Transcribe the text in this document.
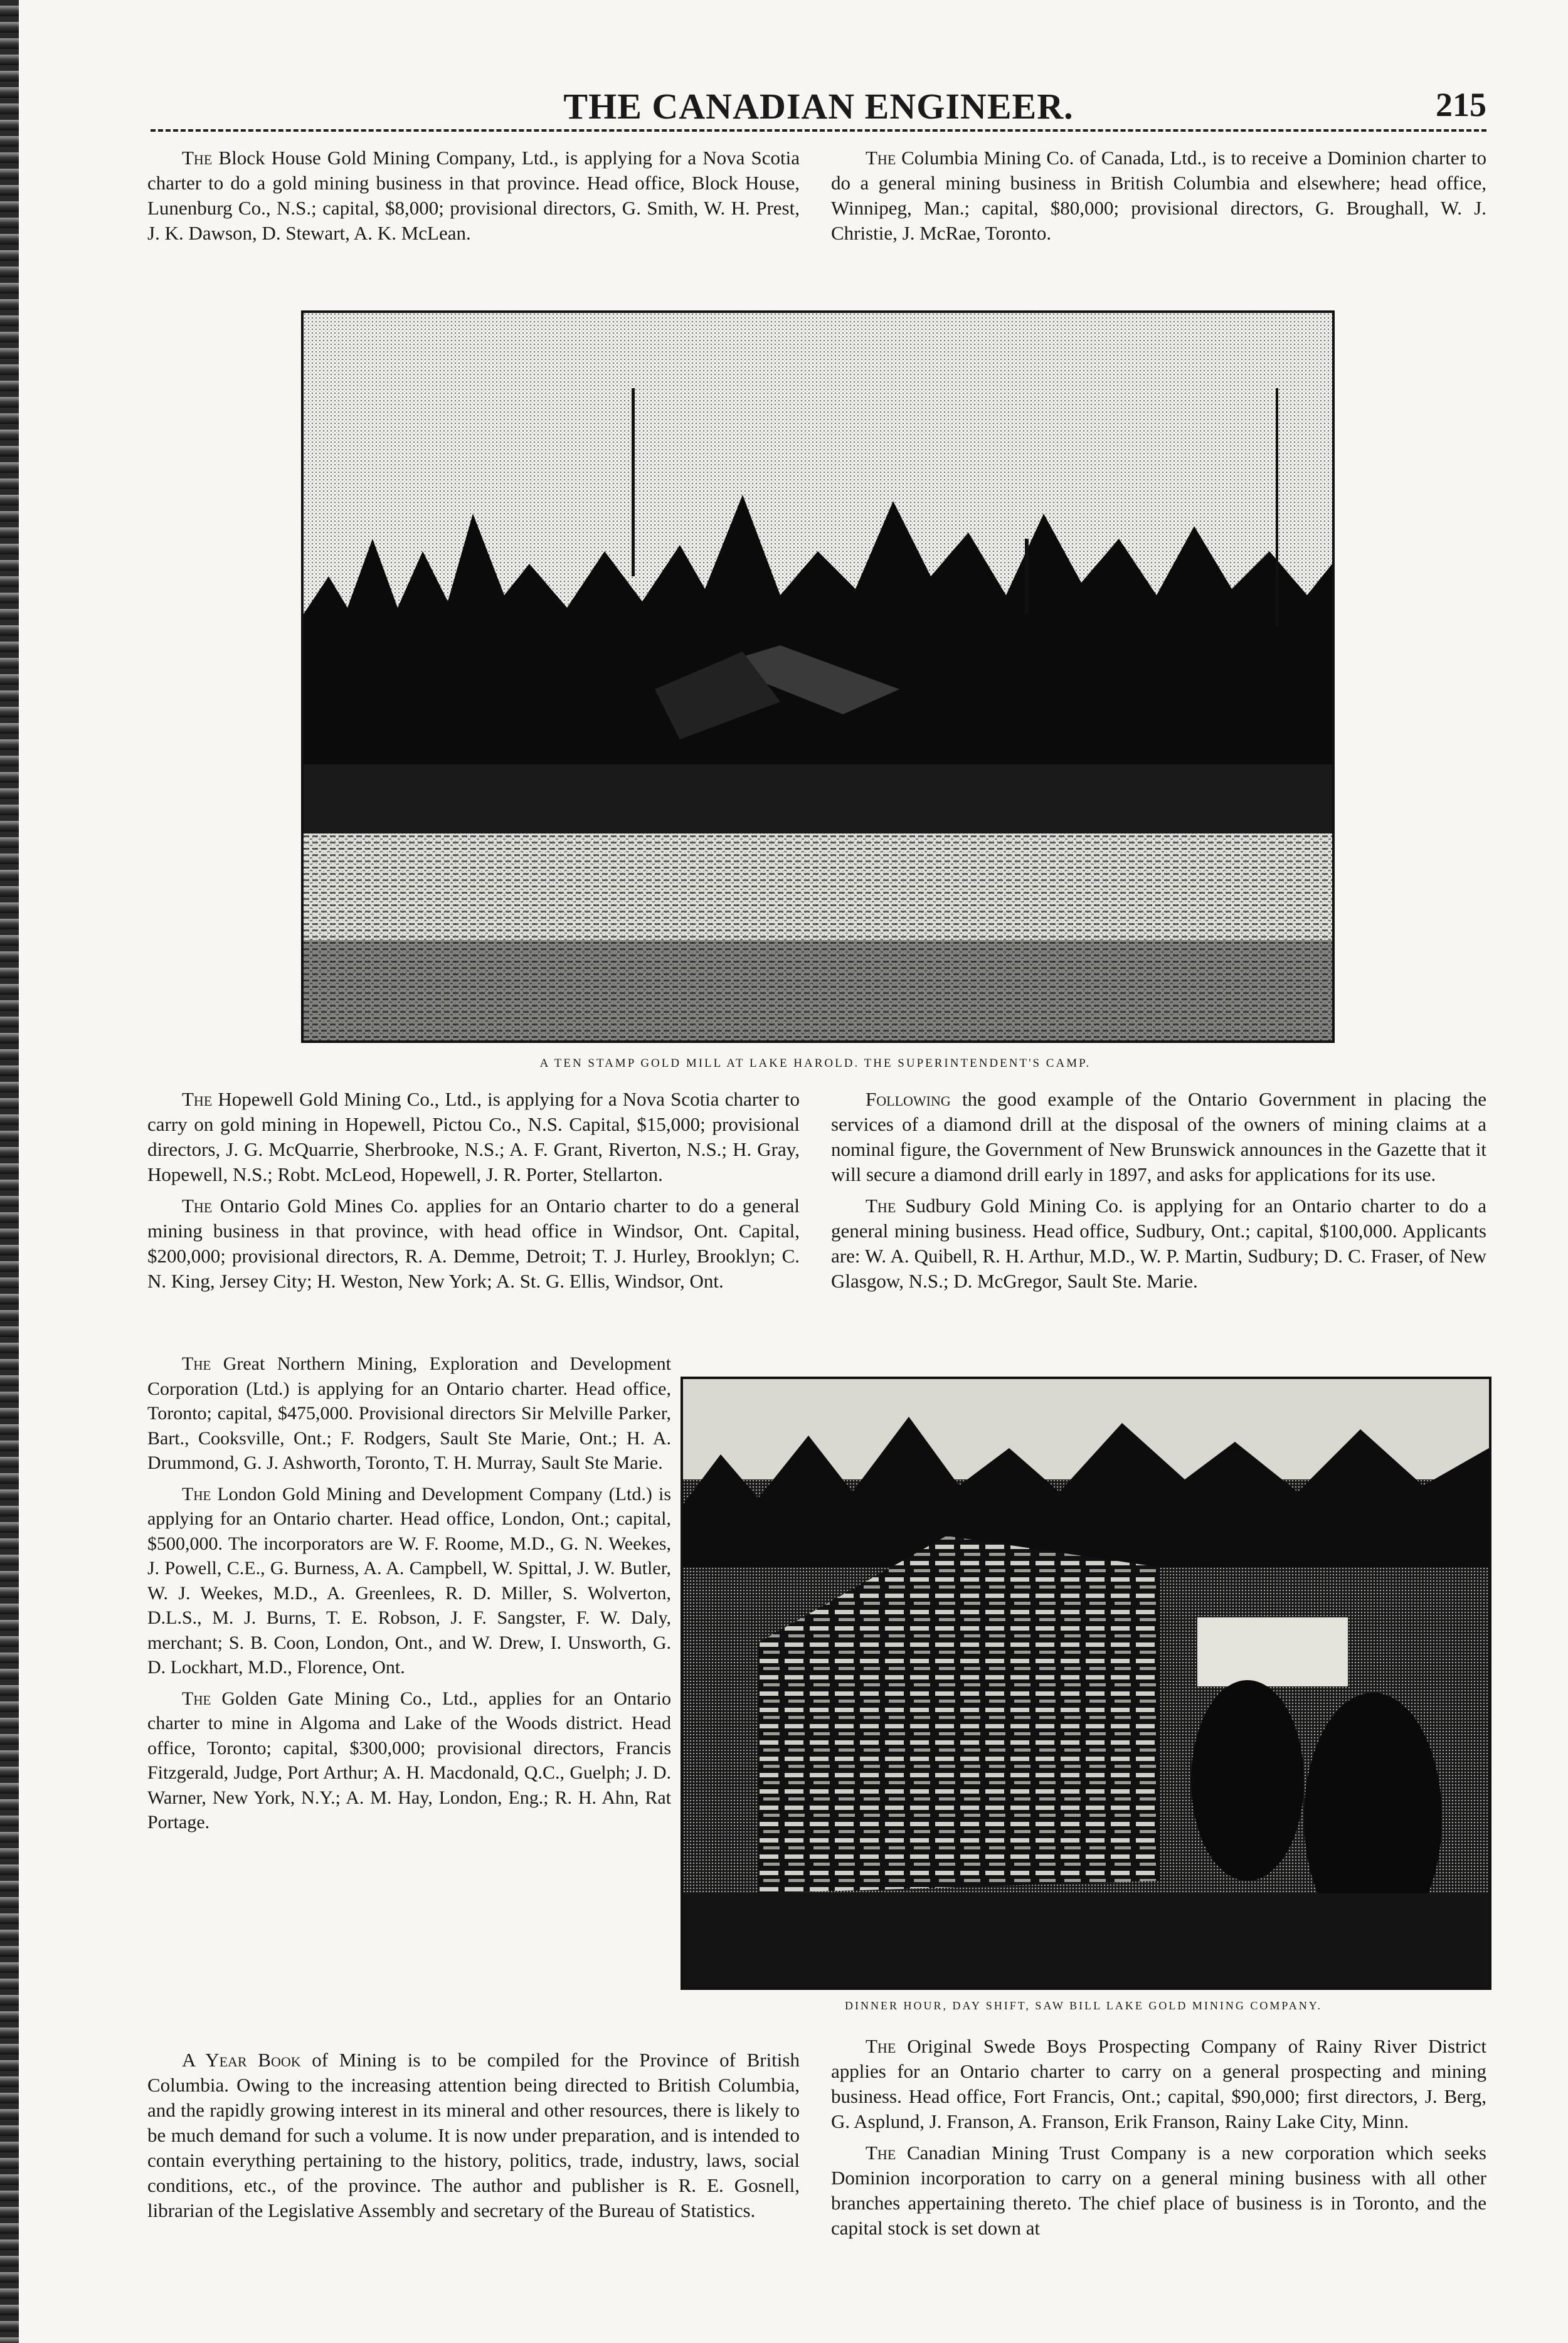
THE CANADIAN ENGINEER.	215

The Block House Gold Mining Company, Ltd., is applying for a Nova Scotia charter to do a gold mining business in that province. Head office, Block House, Lunenburg Co., N.S.; capital, $8,000; provisional directors, G. Smith, W. H. Prest, J. K. Dawson, D. Stewart, A. K. McLean.

The Columbia Mining Co. of Canada, Ltd., is to receive a Dominion charter to do a general mining business in British Columbia and elsewhere; head office, Winnipeg, Man.; capital, $80,000; provisional directors, G. Broughall, W. J. Christie, J. McRae, Toronto.

A TEN STAMP GOLD MILL AT LAKE HAROLD. THE SUPERINTENDENT'S CAMP.

The Hopewell Gold Mining Co., Ltd., is applying for a Nova Scotia charter to carry on gold mining in Hopewell, Pictou Co., N.S. Capital, $15,000; provisional directors, J. G. McQuarrie, Sherbrooke, N.S.; A. F. Grant, Riverton, N.S.; H. Gray, Hopewell, N.S.; Robt. McLeod, Hopewell, J. R. Porter, Stellarton.

The Ontario Gold Mines Co. applies for an Ontario charter to do a general mining business in that province, with head office in Windsor, Ont. Capital, $200,000; provisional directors, R. A. Demme, Detroit; T. J. Hurley, Brooklyn; C. N. King, Jersey City; H. Weston, New York; A. St. G. Ellis, Windsor, Ont.

Following the good example of the Ontario Government in placing the services of a diamond drill at the disposal of the owners of mining claims at a nominal figure, the Government of New Brunswick announces in the Gazette that it will secure a diamond drill early in 1897, and asks for applications for its use.

The Sudbury Gold Mining Co. is applying for an Ontario charter to do a general mining business. Head office, Sudbury, Ont.; capital, $100,000. Applicants are: W. A. Quibell, R. H. Arthur, M.D., W. P. Martin, Sudbury; D. C. Fraser, of New Glasgow, N.S.; D. McGregor, Sault Ste. Marie.

The Great Northern Mining, Exploration and Development Corporation (Ltd.) is applying for an Ontario charter. Head office, Toronto; capital, $475,000. Provisional directors Sir Melville Parker, Bart., Cooksville, Ont.; F. Rodgers, Sault Ste Marie, Ont.; H. A. Drummond, G. J. Ashworth, Toronto, T. H. Murray, Sault Ste Marie.

The London Gold Mining and Development Company (Ltd.) is applying for an Ontario charter. Head office, London, Ont.; capital, $500,000. The incorporators are W. F. Roome, M.D., G. N. Weekes, J. Powell, C.E., G. Burness, A. A. Campbell, W. Spittal, J. W. Butler, W. J. Weekes, M.D., A. Greenlees, R. D. Miller, S. Wolverton, D.L.S., M. J. Burns, T. E. Robson, J. F. Sangster, F. W. Daly, merchant; S. B. Coon, London, Ont., and W. Drew, I. Unsworth, G. D. Lockhart, M.D., Florence, Ont.

The Golden Gate Mining Co., Ltd., applies for an Ontario charter to mine in Algoma and Lake of the Woods district. Head office, Toronto; capital, $300,000; provisional directors, Francis Fitzgerald, Judge, Port Arthur; A. H. Macdonald, Q.C., Guelph; J. D. Warner, New York, N.Y.; A. M. Hay, London, Eng.; R. H. Ahn, Rat Portage.

DINNER HOUR, DAY SHIFT, SAW BILL LAKE GOLD MINING COMPANY.

A Year Book of Mining is to be compiled for the Province of British Columbia. Owing to the increasing attention being directed to British Columbia, and the rapidly growing interest in its mineral and other resources, there is likely to be much demand for such a volume. It is now under preparation, and is intended to contain everything pertaining to the history, politics, trade, industry, laws, social conditions, etc., of the province. The author and publisher is R. E. Gosnell, librarian of the Legislative Assembly and secretary of the Bureau of Statistics.

The Original Swede Boys Prospecting Company of Rainy River District applies for an Ontario charter to carry on a general prospecting and mining business. Head office, Fort Francis, Ont.; capital, $90,000; first directors, J. Berg, G. Asplund, J. Franson, A. Franson, Erik Franson, Rainy Lake City, Minn.

The Canadian Mining Trust Company is a new corporation which seeks Dominion incorporation to carry on a general mining business with all other branches appertaining thereto. The chief place of business is in Toronto, and the capital stock is set down at
